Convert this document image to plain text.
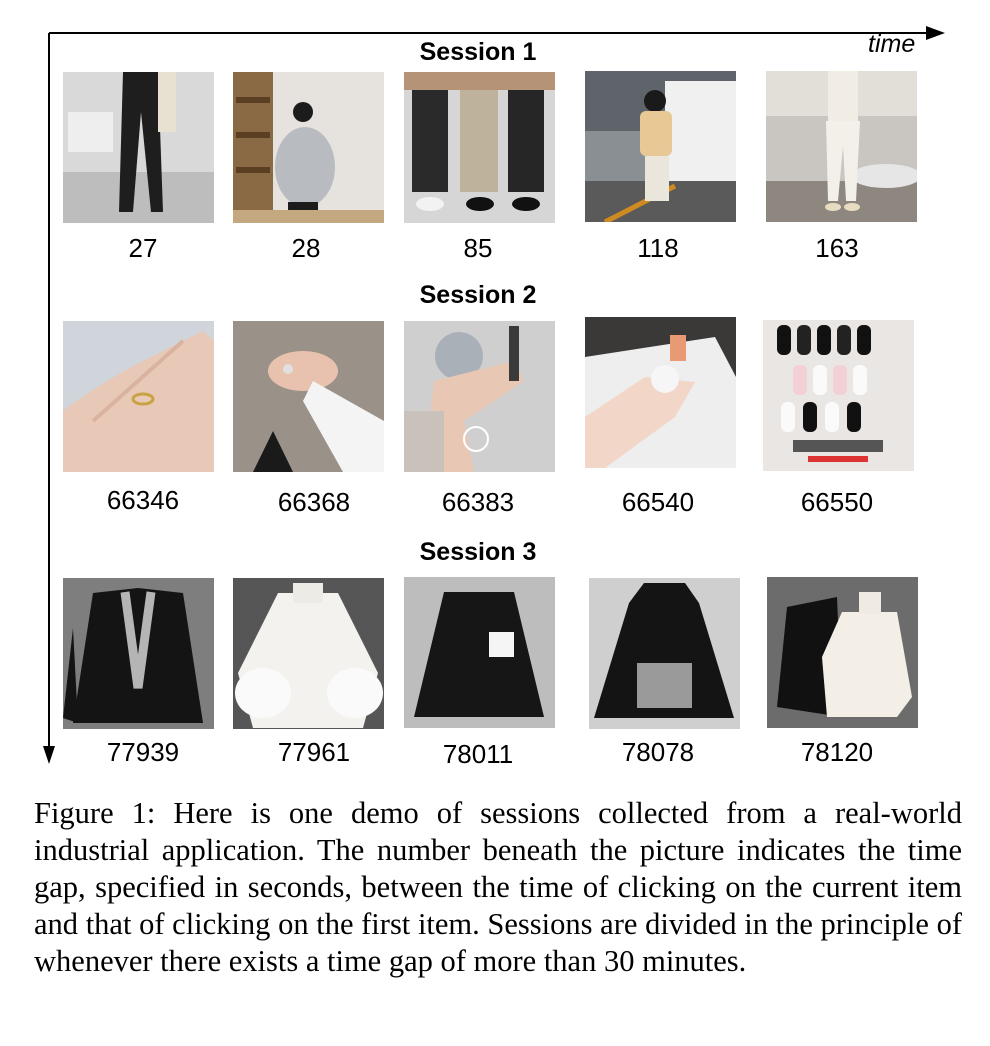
time
Session 1
Session 2
Session 3
27	28	85	118	163
66346	66368	66383	66540	66550
77939	77961	78011	78078	78120
Figure 1: Here is one demo of sessions collected from a real-world industrial application. The number beneath the picture indicates the time gap, specified in seconds, between the time of clicking on the current item and that of clicking on the first item. Sessions are divided in the principle of whenever there exists a time gap of more than 30 minutes.
